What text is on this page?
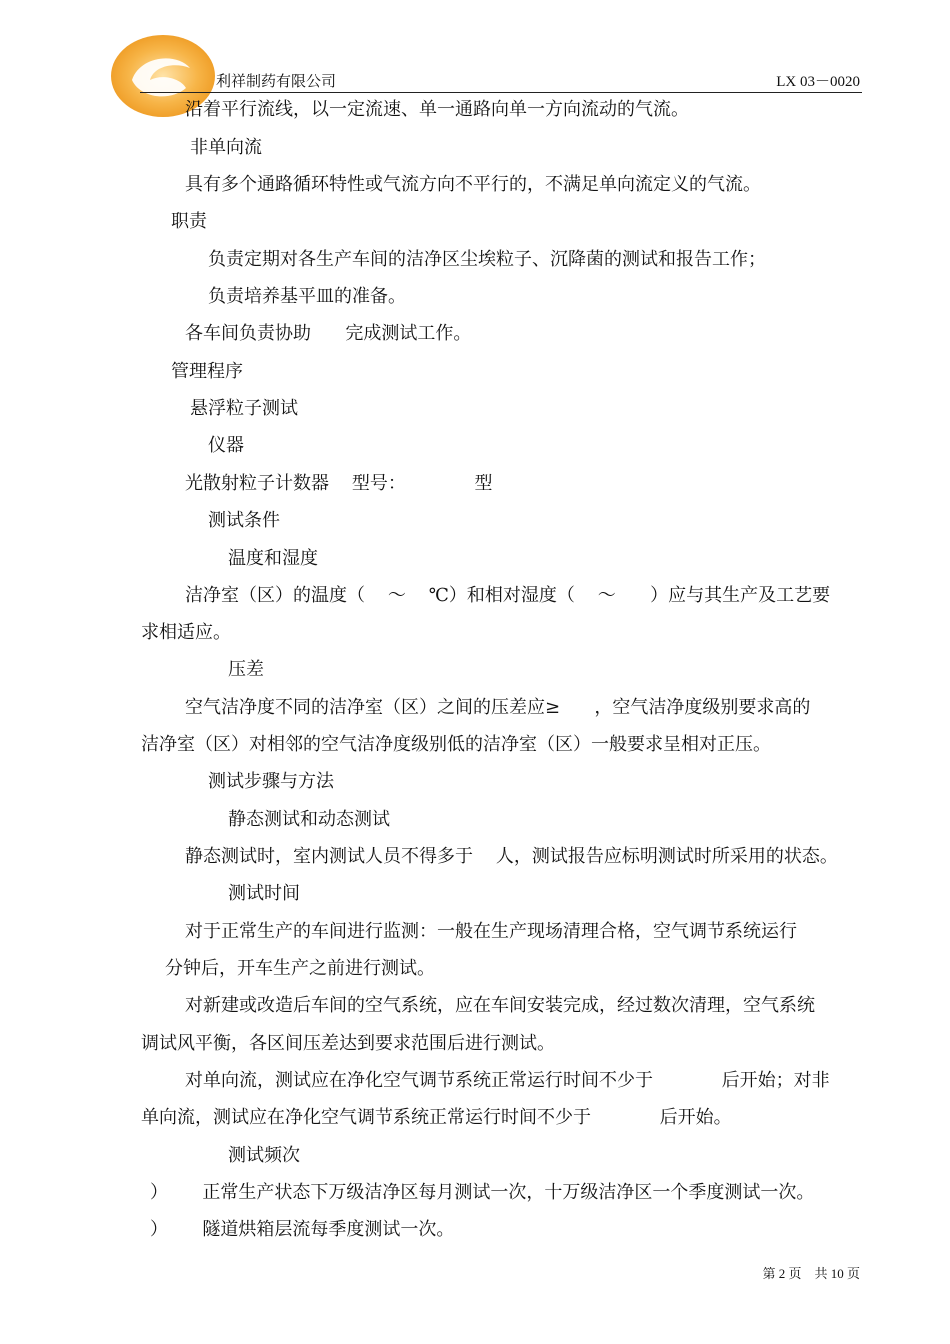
利祥制药有限公司	LX 03－0020
沿着平行流线，以一定流速、单一通路向单一方向流动的气流。
非单向流
具有多个通路循环特性或气流方向不平行的，不满足单向流定义的气流。
职责
负责定期对各生产车间的洁净区尘埃粒子、沉降菌的测试和报告工作；
负责培养基平皿的准备。
各车间负责协助      完成测试工作。
管理程序
悬浮粒子测试
仪器
光散射粒子计数器    型号：            型
测试条件
温度和湿度
洁净室（区）的温度（    ～    ℃）和相对湿度（    ～      ）应与其生产及工艺要
求相适应。
压差
空气洁净度不同的洁净室（区）之间的压差应≥      ，空气洁净度级别要求高的
洁净室（区）对相邻的空气洁净度级别低的洁净室（区）一般要求呈相对正压。
测试步骤与方法
静态测试和动态测试
静态测试时，室内测试人员不得多于    人，测试报告应标明测试时所采用的状态。
测试时间
对于正常生产的车间进行监测：一般在生产现场清理合格，空气调节系统运行
分钟后，开车生产之前进行测试。
对新建或改造后车间的空气系统，应在车间安装完成，经过数次清理，空气系统
调试风平衡，各区间压差达到要求范围后进行测试。
对单向流，测试应在净化空气调节系统正常运行时间不少于            后开始；对非
单向流，测试应在净化空气调节系统正常运行时间不少于            后开始。
测试频次
）      正常生产状态下万级洁净区每月测试一次，十万级洁净区一个季度测试一次。
）      隧道烘箱层流每季度测试一次。
第 2 页    共 10 页
